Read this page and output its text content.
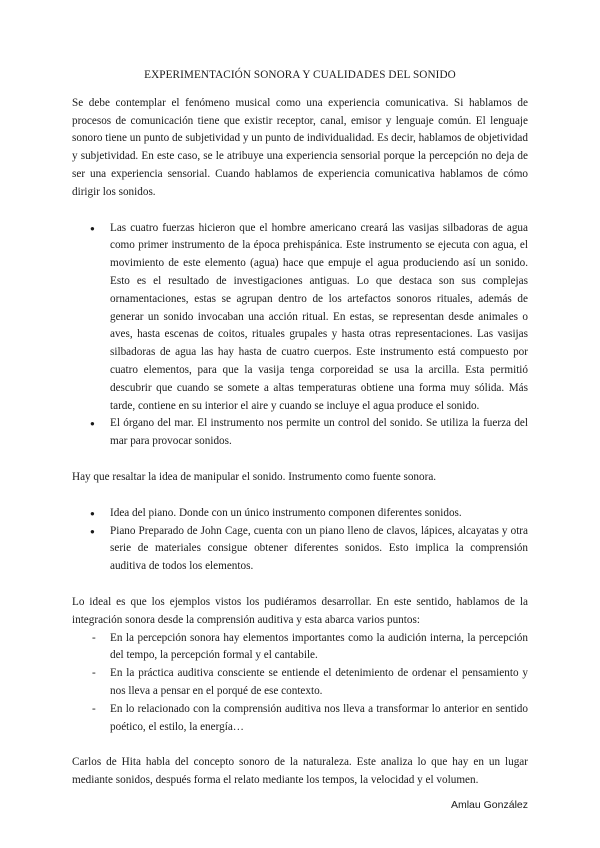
EXPERIMENTACIÓN SONORA Y CUALIDADES DEL SONIDO

Se debe contemplar el fenómeno musical como una experiencia comunicativa. Si hablamos de procesos de comunicación tiene que existir receptor, canal, emisor y lenguaje común. El lenguaje sonoro tiene un punto de subjetividad y un punto de individualidad. Es decir, hablamos de objetividad y subjetividad. En este caso, se le atribuye una experiencia sensorial porque la percepción no deja de ser una experiencia sensorial. Cuando hablamos de experiencia comunicativa hablamos de cómo dirigir los sonidos.

● Las cuatro fuerzas hicieron que el hombre americano creará las vasijas silbadoras de agua como primer instrumento de la época prehispánica. Este instrumento se ejecuta con agua, el movimiento de este elemento (agua) hace que empuje el agua produciendo así un sonido. Esto es el resultado de investigaciones antiguas. Lo que destaca son sus complejas ornamentaciones, estas se agrupan dentro de los artefactos sonoros rituales, además de generar un sonido invocaban una acción ritual. En estas, se representan desde animales o aves, hasta escenas de coitos, rituales grupales y hasta otras representaciones. Las vasijas silbadoras de agua las hay hasta de cuatro cuerpos. Este instrumento está compuesto por cuatro elementos, para que la vasija tenga corporeidad se usa la arcilla. Esta permitió descubrir que cuando se somete a altas temperaturas obtiene una forma muy sólida. Más tarde, contiene en su interior el aire y cuando se incluye el agua produce el sonido.
● El órgano del mar. El instrumento nos permite un control del sonido. Se utiliza la fuerza del mar para provocar sonidos.

Hay que resaltar la idea de manipular el sonido. Instrumento como fuente sonora.

● Idea del piano. Donde con un único instrumento componen diferentes sonidos.
● Piano Preparado de John Cage, cuenta con un piano lleno de clavos, lápices, alcayatas y otra serie de materiales consigue obtener diferentes sonidos. Esto implica la comprensión auditiva de todos los elementos.

Lo ideal es que los ejemplos vistos los pudiéramos desarrollar. En este sentido, hablamos de la integración sonora desde la comprensión auditiva y esta abarca varios puntos:

- En la percepción sonora hay elementos importantes como la audición interna, la percepción del tempo, la percepción formal y el cantabile.
- En la práctica auditiva consciente se entiende el detenimiento de ordenar el pensamiento y nos lleva a pensar en el porqué de ese contexto.
- En lo relacionado con la comprensión auditiva nos lleva a transformar lo anterior en sentido poético, el estilo, la energía…

Carlos de Hita habla del concepto sonoro de la naturaleza. Este analiza lo que hay en un lugar mediante sonidos, después forma el relato mediante los tempos, la velocidad y el volumen.

Amlau González
